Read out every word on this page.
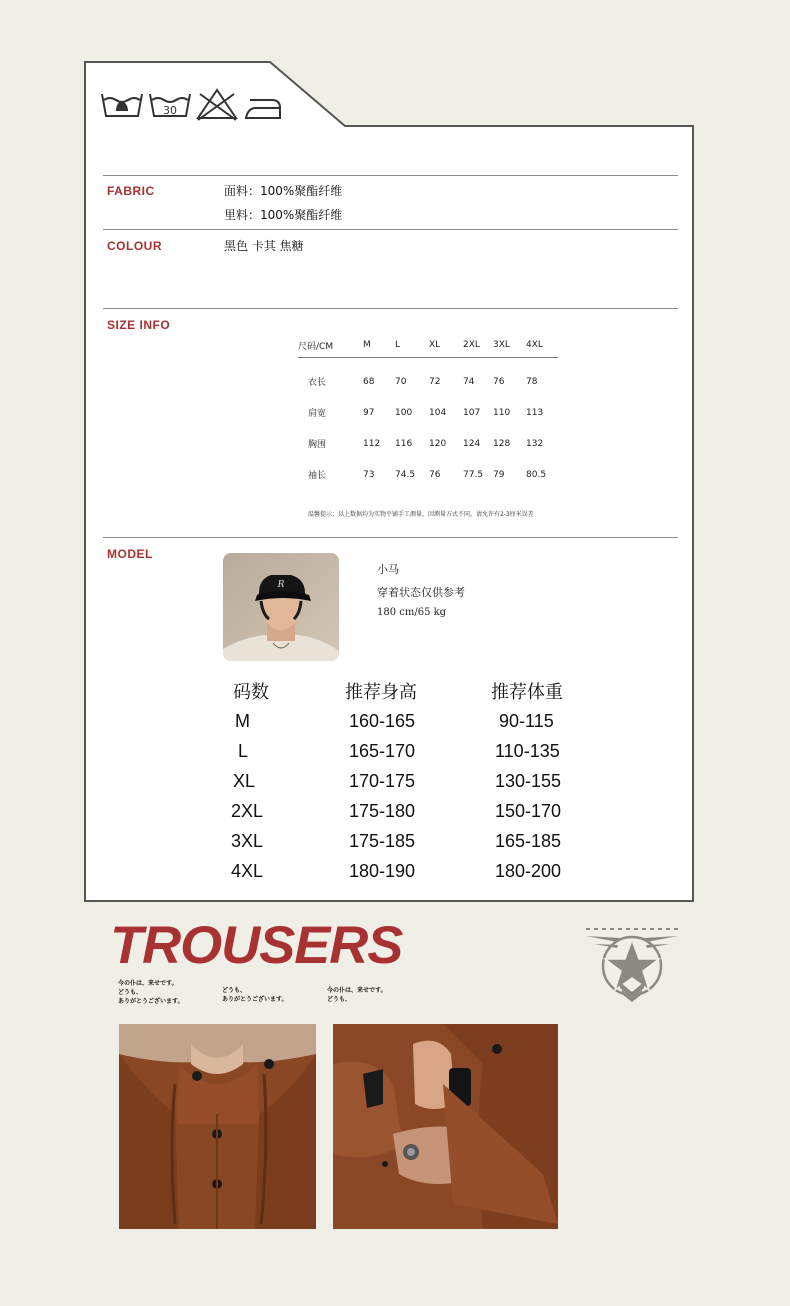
30
FABRIC	面料：100%聚酯纤维
里料：100%聚酯纤维
COLOUR	黑色 卡其 焦糖
SIZE INFO
尺码/CM	M	L	XL	2XL	3XL	4XL

衣长	68	70	72	74	76	78
肩宽	97	100	104	107	110	113
胸围	112	116	120	124	128	132
袖长	73	74.5	76	77.5	79	80.5
温馨提示：以上数据均为实物平铺手工测量，因测量方式不同，请允许有2-3厘米误差
MODEL
R
小马
穿着状态仅供参考
180 cm/65 kg
码数	推荐身高	推荐体重
M	160-165	90-115
L	165-170	110-135
XL	170-175	130-155
2XL	175-180	150-170
3XL	175-185	165-185
4XL	180-190	180-200
TROUSERS
今の仆は、来せです。
どうも、
ありがとうございます。
どうも、
ありがとうございます。
今の仆は、来せです。
どうも、
